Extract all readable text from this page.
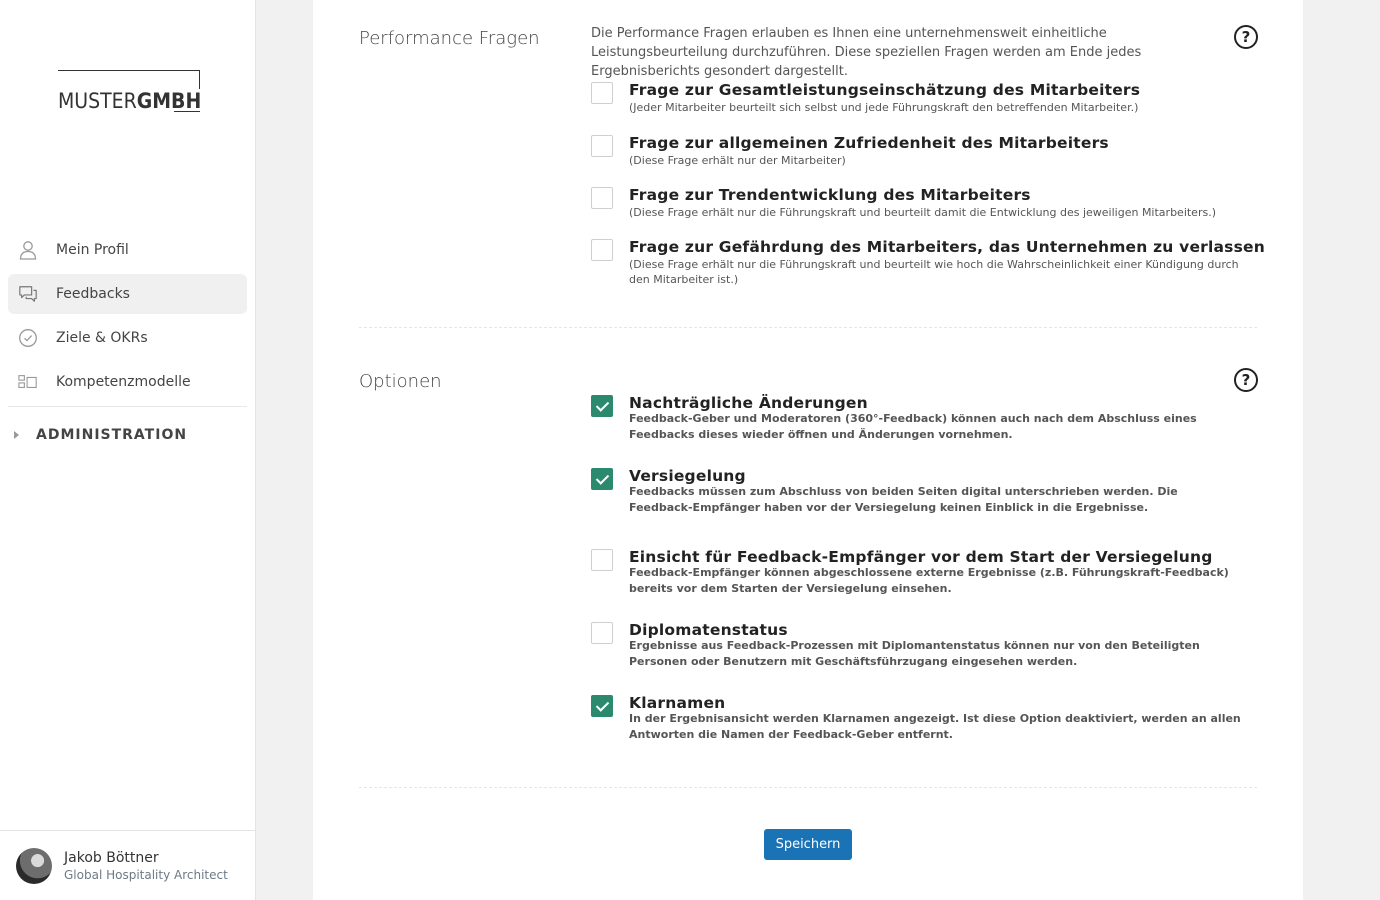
MUSTERGMBH
Mein Profil
Feedbacks
Ziele & OKRs
Kompetenzmodelle
ADMINISTRATION
Jakob Böttner
Global Hospitality Architect
Performance Fragen	Die Performance Fragen erlauben es Ihnen eine unternehmensweit einheitliche Leistungsbeurteilung durchzuführen. Diese speziellen Fragen werden am Ende jedes Ergebnisberichts gesondert dargestellt.

?
Frage zur Gesamtleistungseinschätzung des Mitarbeiters
(Jeder Mitarbeiter beurteilt sich selbst und jede Führungskraft den betreffenden Mitarbeiter.)
Frage zur allgemeinen Zufriedenheit des Mitarbeiters
(Diese Frage erhält nur der Mitarbeiter)
Frage zur Trendentwicklung des Mitarbeiters
(Diese Frage erhält nur die Führungskraft und beurteilt damit die Entwicklung des jeweiligen Mitarbeiters.)
Frage zur Gefährdung des Mitarbeiters, das Unternehmen zu verlassen
(Diese Frage erhält nur die Führungskraft und beurteilt wie hoch die Wahrscheinlichkeit einer Kündigung durch den Mitarbeiter ist.)
Optionen	?
Nachträgliche Änderungen
Feedback-Geber und Moderatoren (360°-Feedback) können auch nach dem Abschluss eines Feedbacks dieses wieder öffnen und Änderungen vornehmen.
Versiegelung
Feedbacks müssen zum Abschluss von beiden Seiten digital unterschrieben werden. Die Feedback-Empfänger haben vor der Versiegelung keinen Einblick in die Ergebnisse.
Einsicht für Feedback-Empfänger vor dem Start der Versiegelung
Feedback-Empfänger können abgeschlossene externe Ergebnisse (z.B. Führungskraft-Feedback) bereits vor dem Starten der Versiegelung einsehen.
Diplomatenstatus
Ergebnisse aus Feedback-Prozessen mit Diplomantenstatus können nur von den Beteiligten Personen oder Benutzern mit Geschäftsführzugang eingesehen werden.
Klarnamen
In der Ergebnisansicht werden Klarnamen angezeigt. Ist diese Option deaktiviert, werden an allen Antworten die Namen der Feedback-Geber entfernt.
Speichern
